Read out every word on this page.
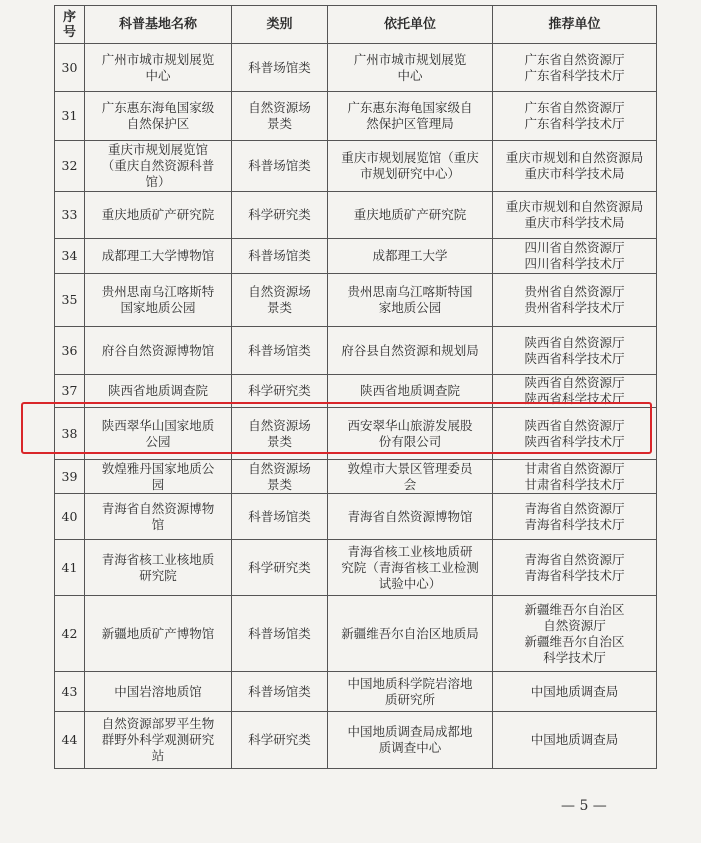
序
号	科普基地名称	类别	依托单位	推荐单位
30	广州市城市规划展览
中心	科普场馆类	广州市城市规划展览
中心	广东省自然资源厅
广东省科学技术厅

31	广东惠东海龟国家级
自然保护区	自然资源场
景类	广东惠东海龟国家级自
然保护区管理局	广东省自然资源厅
广东省科学技术厅

32	重庆市规划展览馆
（重庆自然资源科普
馆）	科普场馆类	重庆市规划展览馆（重庆
市规划研究中心）	重庆市规划和自然资源局
重庆市科学技术局

33	重庆地质矿产研究院	科学研究类	重庆地质矿产研究院	重庆市规划和自然资源局
重庆市科学技术局

34	成都理工大学博物馆	科普场馆类	成都理工大学	四川省自然资源厅
四川省科学技术厅

35	贵州思南乌江喀斯特
国家地质公园	自然资源场
景类	贵州思南乌江喀斯特国
家地质公园	贵州省自然资源厅
贵州省科学技术厅

36	府谷自然资源博物馆	科普场馆类	府谷县自然资源和规划局	陕西省自然资源厅
陕西省科学技术厅

37	陕西省地质调查院	科学研究类	陕西省地质调查院	陕西省自然资源厅
陕西省科学技术厅

38	陕西翠华山国家地质
公园	自然资源场
景类	西安翠华山旅游发展股
份有限公司	陕西省自然资源厅
陕西省科学技术厅

39	敦煌雅丹国家地质公
园	自然资源场
景类	敦煌市大景区管理委员
会	甘肃省自然资源厅
甘肃省科学技术厅

40	青海省自然资源博物
馆	科普场馆类	青海省自然资源博物馆	青海省自然资源厅
青海省科学技术厅

41	青海省核工业核地质
研究院	科学研究类	青海省核工业核地质研
究院（青海省核工业检测
试验中心）	青海省自然资源厅
青海省科学技术厅

42	新疆地质矿产博物馆	科普场馆类	新疆维吾尔自治区地质局	新疆维吾尔自治区
自然资源厅
新疆维吾尔自治区
科学技术厅

43	中国岩溶地质馆	科普场馆类	中国地质科学院岩溶地
质研究所	中国地质调查局

44	自然资源部罗平生物
群野外科学观测研究
站	科学研究类	中国地质调查局成都地
质调查中心	中国地质调查局
— 5 —
